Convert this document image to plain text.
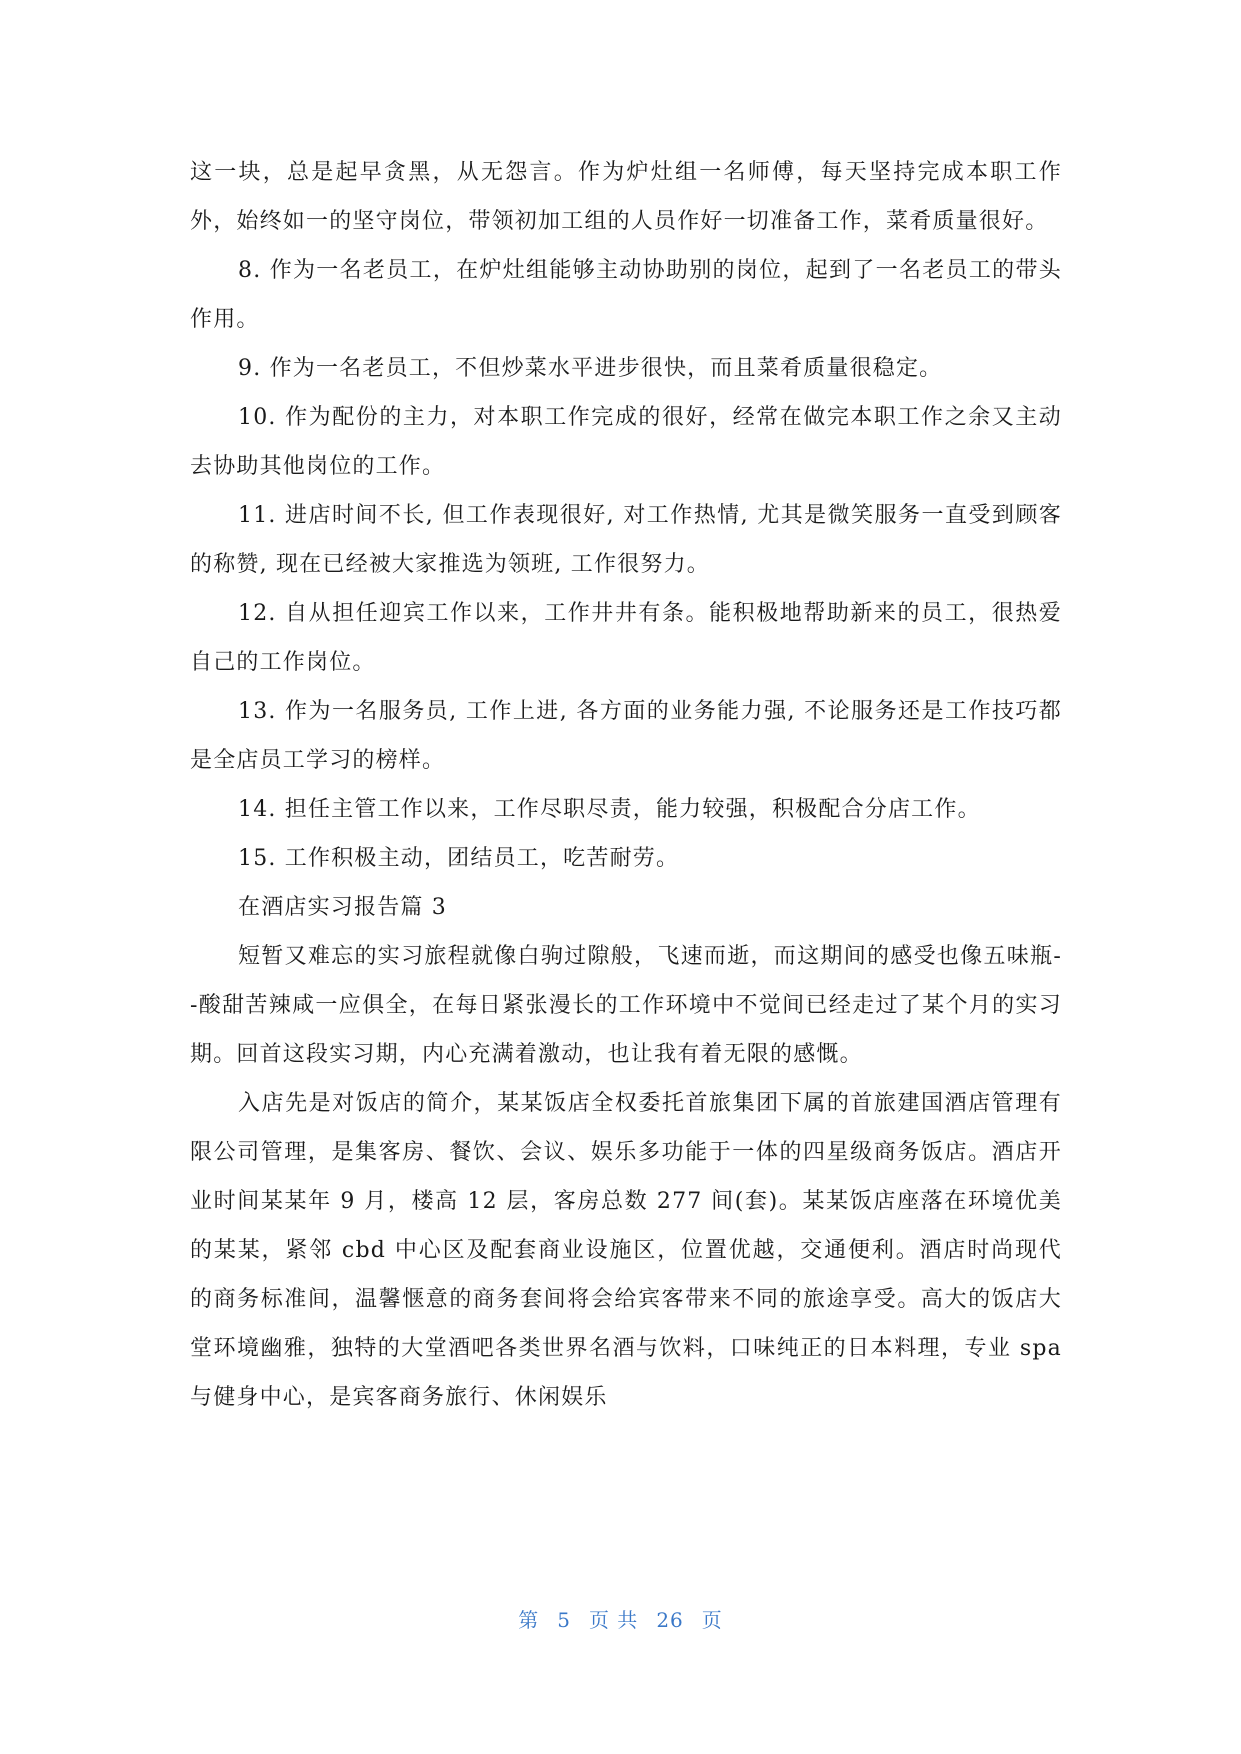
这一块，总是起早贪黑，从无怨言。作为炉灶组一名师傅，每天坚持完成本职工作外，始终如一的坚守岗位，带领初加工组的人员作好一切准备工作，菜肴质量很好。

8. 作为一名老员工，在炉灶组能够主动协助别的岗位，起到了一名老员工的带头作用。

9. 作为一名老员工，不但炒菜水平进步很快，而且菜肴质量很稳定。

10. 作为配份的主力，对本职工作完成的很好，经常在做完本职工作之余又主动去协助其他岗位的工作。

11. 进店时间不长, 但工作表现很好, 对工作热情, 尤其是微笑服务一直受到顾客的称赞, 现在已经被大家推选为领班, 工作很努力。

12. 自从担任迎宾工作以来，工作井井有条。能积极地帮助新来的员工，很热爱自己的工作岗位。

13. 作为一名服务员, 工作上进, 各方面的业务能力强, 不论服务还是工作技巧都是全店员工学习的榜样。

14. 担任主管工作以来，工作尽职尽责，能力较强，积极配合分店工作。

15. 工作积极主动，团结员工，吃苦耐劳。

在酒店实习报告篇 3

短暂又难忘的实习旅程就像白驹过隙般，飞速而逝，而这期间的感受也像五味瓶--酸甜苦辣咸一应俱全，在每日紧张漫长的工作环境中不觉间已经走过了某个月的实习期。回首这段实习期，内心充满着激动，也让我有着无限的感慨。

入店先是对饭店的简介，某某饭店全权委托首旅集团下属的首旅建国酒店管理有限公司管理，是集客房、餐饮、会议、娱乐多功能于一体的四星级商务饭店。酒店开业时间某某年 9 月，楼高 12 层，客房总数 277 间(套)。某某饭店座落在环境优美的某某，紧邻 cbd 中心区及配套商业设施区，位置优越，交通便利。酒店时尚现代的商务标准间，温馨惬意的商务套间将会给宾客带来不同的旅途享受。高大的饭店大堂环境幽雅，独特的大堂酒吧各类世界名酒与饮料，口味纯正的日本料理，专业 spa 与健身中心，是宾客商务旅行、休闲娱乐

第 5 页 共 26 页
